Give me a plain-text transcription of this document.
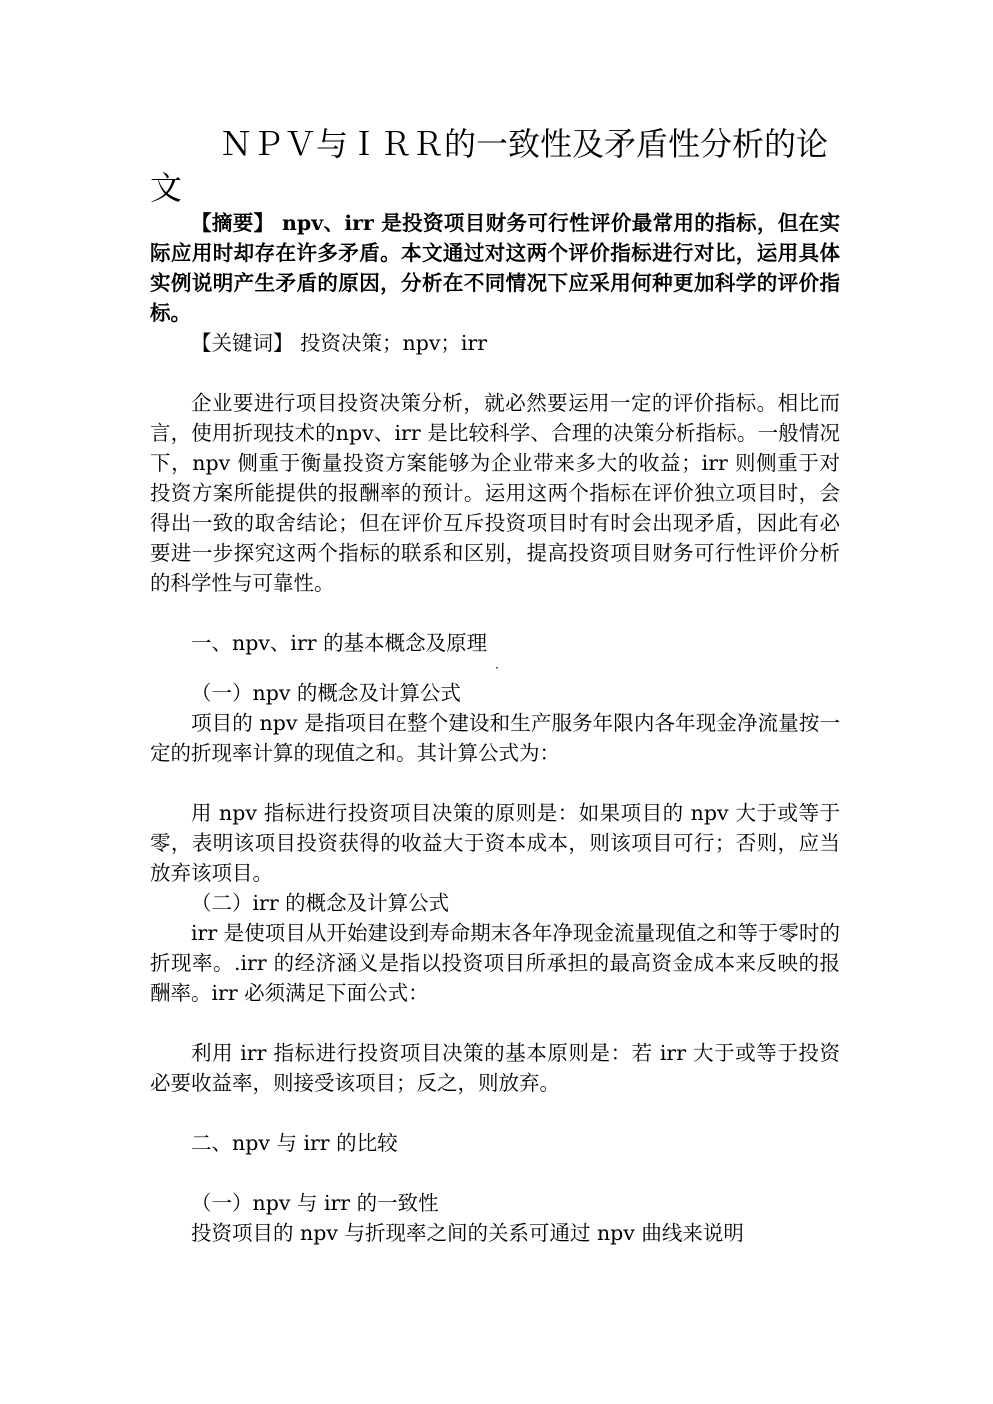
ＮＰＶ与ＩＲＲ的一致性及矛盾性分析的论文

【摘要】 npv、irr 是投资项目财务可行性评价最常用的指标，但在实际应用时却存在许多矛盾。本文通过对这两个评价指标进行对比，运用具体实例说明产生矛盾的原因，分析在不同情况下应采用何种更加科学的评价指标。

【关键词】 投资决策；npv；irr

企业要进行项目投资决策分析，就必然要运用一定的评价指标。相比而言，使用折现技术的npv、irr 是比较科学、合理的决策分析指标。一般情况下，npv 侧重于衡量投资方案能够为企业带来多大的收益；irr 则侧重于对投资方案所能提供的报酬率的预计。运用这两个指标在评价独立项目时，会得出一致的取舍结论；但在评价互斥投资项目时有时会出现矛盾，因此有必要进一步探究这两个指标的联系和区别，提高投资项目财务可行性评价分析的科学性与可靠性。

一、npv、irr 的基本概念及原理

·

（一）npv 的概念及计算公式

项目的 npv 是指项目在整个建设和生产服务年限内各年现金净流量按一定的折现率计算的现值之和。其计算公式为：

用 npv 指标进行投资项目决策的原则是：如果项目的 npv 大于或等于零，表明该项目投资获得的收益大于资本成本，则该项目可行；否则，应当放弃该项目。

（二）irr 的概念及计算公式

irr 是使项目从开始建设到寿命期末各年净现金流量现值之和等于零时的折现率。.irr 的经济涵义是指以投资项目所承担的最高资金成本来反映的报酬率。irr 必须满足下面公式：

利用 irr 指标进行投资项目决策的基本原则是：若 irr 大于或等于投资必要收益率，则接受该项目；反之，则放弃。

二、npv 与 irr 的比较

（一）npv 与 irr 的一致性

投资项目的 npv 与折现率之间的关系可通过 npv 曲线来说明
